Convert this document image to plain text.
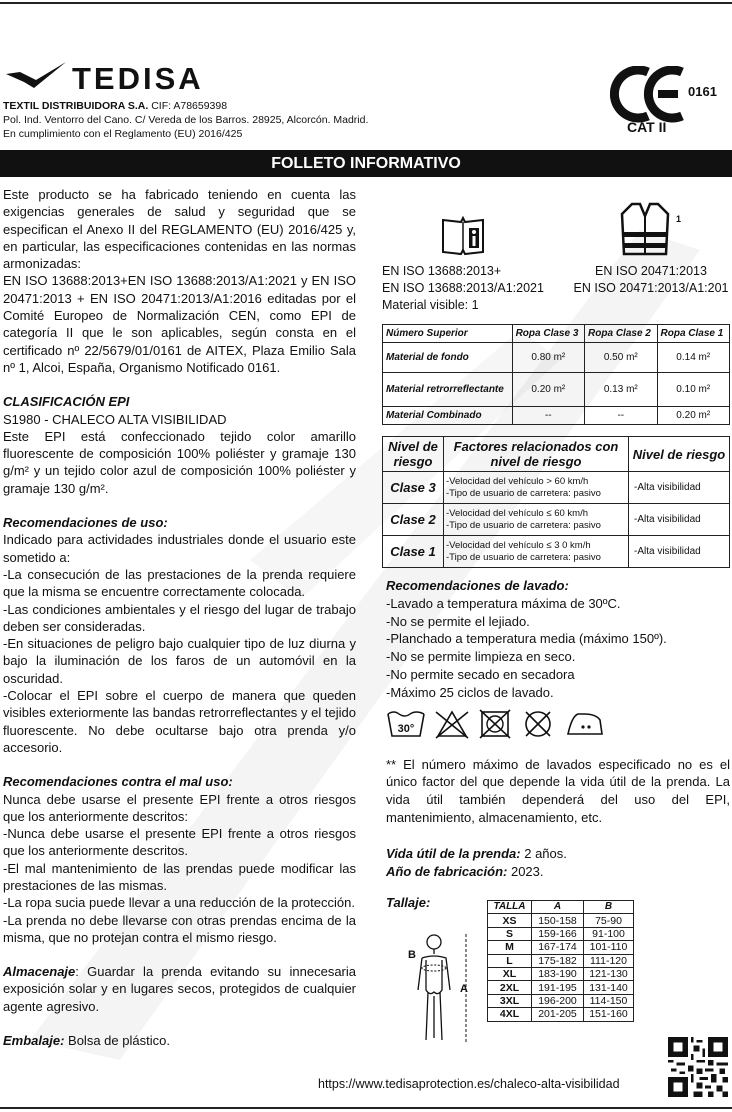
TEDISA
TEXTIL DISTRIBUIDORA S.A. CIF: A78659398
Pol. Ind. Ventorro del Cano. C/ Vereda de los Barros. 28925, Alcorcón. Madrid.
En cumplimiento con el Reglamento (EU) 2016/425
0161
CAT II
FOLLETO INFORMATIVO

Este producto se ha fabricado teniendo en cuenta las exigencias generales de salud y seguridad que se especifican el Anexo II del REGLAMENTO (EU) 2016/425 y, en particular, las especificaciones contenidas en las normas armonizadas:

EN ISO 13688:2013+EN ISO 13688:2013/A1:2021 y EN ISO 20471:2013 + EN ISO 20471:2013/A1:2016 editadas por el Comité Europeo de Normalización CEN, como EPI de categoría II que le son aplicables, según consta en el certificado nº 22/5679/01/0161 de AITEX, Plaza Emilio Sala nº 1, Alcoi, España, Organismo Notificado 0161.

CLASIFICACIÓN EPI

S1980 - CHALECO ALTA VISIBILIDAD

Este EPI está confeccionado tejido color amarillo fluorescente de composición 100% poliéster y gramaje 130 g/m² y un tejido color azul de composición 100% poliéster y gramaje 130 g/m².

Recomendaciones de uso:

Indicado para actividades industriales donde el usuario este sometido a:

-La consecución de las prestaciones de la prenda requiere que la misma se encuentre correctamente colocada.

-Las condiciones ambientales y el riesgo del lugar de trabajo deben ser consideradas.

-En situaciones de peligro bajo cualquier tipo de luz diurna y bajo la iluminación de los faros de un automóvil en la oscuridad.

-Colocar el EPI sobre el cuerpo de manera que queden visibles exteriormente las bandas retrorreflectantes y el tejido fluorescente. No debe ocultarse bajo otra prenda y/o accesorio.

Recomendaciones contra el mal uso:

Nunca debe usarse el presente EPI frente a otros riesgos que los anteriormente descritos:

-Nunca debe usarse el presente EPI frente a otros riesgos que los anteriormente descritos.

-El mal mantenimiento de las prendas puede modificar las prestaciones de las mismas.

-La ropa sucia puede llevar a una reducción de la protección.

-La prenda no debe llevarse con otras prendas encima de la misma, que no protejan contra el mismo riesgo.

Almacenaje: Guardar la prenda evitando su innecesaria exposición solar y en lugares secos, protegidos de cualquier agente agresivo.

Embalaje: Bolsa de plástico.

1
EN ISO 13688:2013+
EN ISO 13688:2013/A1:2021
Material visible: 1
EN ISO 20471:2013
EN ISO 20471:2013/A1:201
Número Superior	Ropa Clase 3	Ropa Clase 2	Ropa Clase 1
Material de fondo	0.80 m²	0.50 m²	0.14 m²
Material retrorreflectante	0.20 m²	0.13 m²	0.10 m²
Material Combinado	--	--	0.20 m²
Nivel de riesgo	Factores relacionados con nivel de riesgo	Nivel de riesgo
Clase 3	-Velocidad del vehículo > 60 km/h
-Tipo de usuario de carretera: pasivo	-Alta visibilidad
Clase 2	-Velocidad del vehículo ≤ 60 km/h
-Tipo de usuario de carretera: pasivo	-Alta visibilidad
Clase 1	-Velocidad del vehículo ≤ 3 0 km/h
-Tipo de usuario de carretera: pasivo	-Alta visibilidad

Recomendaciones de lavado:

-Lavado a temperatura máxima de 30ºC.

-No se permite el lejiado.

-Planchado a temperatura media (máximo 150º).

-No se permite limpieza en seco.

-No permite secado en secadora

-Máximo 25 ciclos de lavado.

** El número máximo de lavados especificado no es el único factor del que depende la vida útil de la prenda. La vida útil también dependerá del uso del EPI, mantenimiento, almacenamiento, etc.

Vida útil de la prenda: 2 años.

Año de fabricación: 2023.

30°
Tallaje:
A
B
TALLA	A	B
XS	150-158	75-90
S	159-166	91-100
M	167-174	101-110
L	175-182	111-120
XL	183-190	121-130
2XL	191-195	131-140
3XL	196-200	114-150
4XL	201-205	151-160
https://www.tedisaprotection.es/chaleco-alta-visibilidad
